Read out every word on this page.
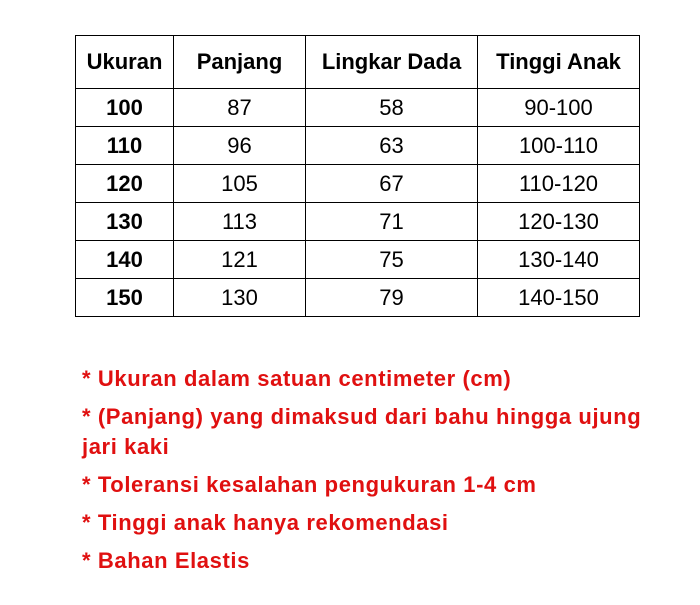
Ukuran	Panjang	Lingkar Dada	Tinggi Anak
100	87	58	90-100
110	96	63	100-110
120	105	67	110-120
130	113	71	120-130
140	121	75	130-140
150	130	79	140-150

* Ukuran dalam satuan centimeter (cm)

* (Panjang) yang dimaksud dari bahu hingga ujung jari kaki

* Toleransi kesalahan pengukuran 1-4 cm

* Tinggi anak hanya rekomendasi

* Bahan Elastis
